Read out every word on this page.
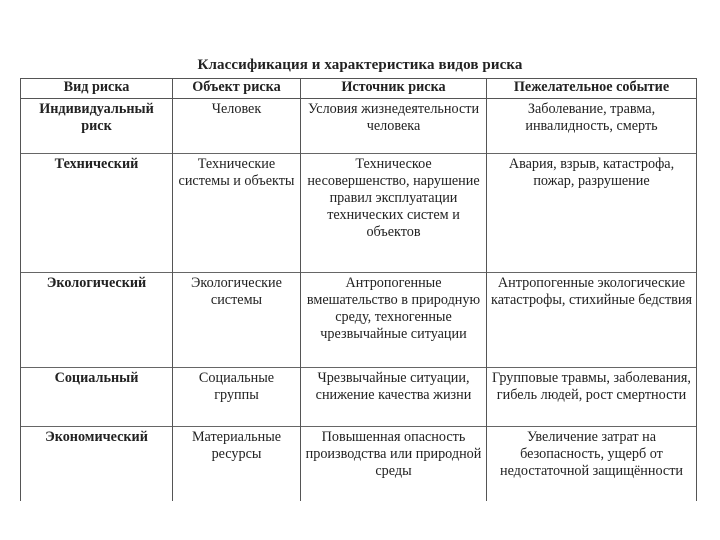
Классификация и характеристика видов риска
Вид риска	Объект риска	Источник риска	Пежелательное событие
Индивидуальный риск	Человек	Условия жизнедеятельности человека	Заболевание, травма, инвалидность, смерть
Технический	Технические системы и объекты	Техническое несовершенство, нарушение правил эксплуатации технических систем и объектов	Авария, взрыв, катастрофа, пожар, разрушение
Экологический	Экологические системы	Антропогенные вмешательство в природную среду, техногенные чрезвычайные ситуации	Антропогенные экологические катастрофы, стихийные бедствия
Социальный	Социальные группы	Чрезвычайные ситуации, снижение качества жизни	Групповые травмы, заболевания, гибель людей, рост смертности
Экономический	Материальные ресурсы	Повышенная опасность производства или природной среды	Увеличение затрат на безопасность, ущерб от недостаточной защищённости
